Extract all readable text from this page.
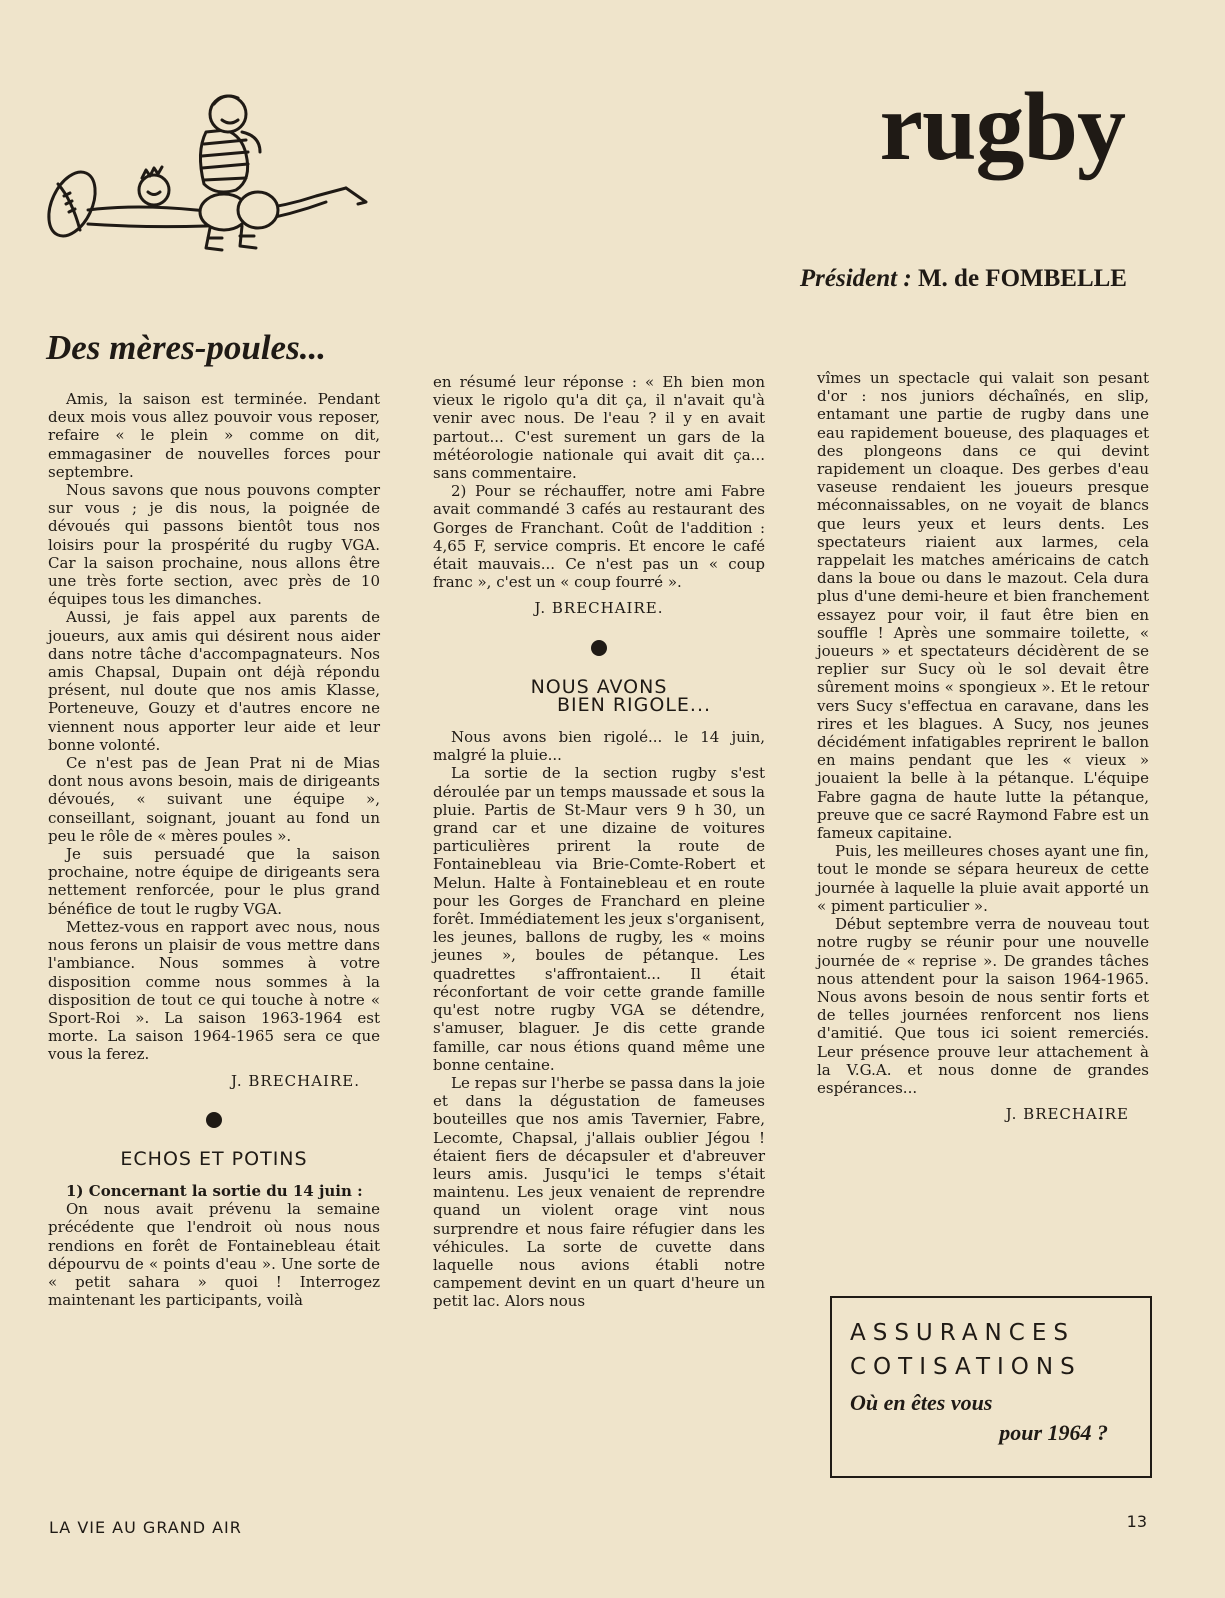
rugby
Président : M. de FOMBELLE
Des mères-poules...

Amis, la saison est terminée. Pendant deux mois vous allez pouvoir vous reposer, refaire « le plein » comme on dit, emmagasiner de nouvelles forces pour septembre.

Nous savons que nous pouvons compter sur vous ; je dis nous, la poignée de dévoués qui passons bientôt tous nos loisirs pour la prospérité du rugby VGA. Car la saison prochaine, nous allons être une très forte section, avec près de 10 équipes tous les dimanches.

Aussi, je fais appel aux parents de joueurs, aux amis qui désirent nous aider dans notre tâche d'accompagnateurs. Nos amis Chapsal, Dupain ont déjà répondu présent, nul doute que nos amis Klasse, Porteneuve, Gouzy et d'autres encore ne viennent nous apporter leur aide et leur bonne volonté.

Ce n'est pas de Jean Prat ni de Mias dont nous avons besoin, mais de dirigeants dévoués, « suivant une équipe », conseillant, soignant, jouant au fond un peu le rôle de « mères poules ».

Je suis persuadé que la saison prochaine, notre équipe de dirigeants sera nettement renforcée, pour le plus grand bénéfice de tout le rugby VGA.

Mettez-vous en rapport avec nous, nous nous ferons un plaisir de vous mettre dans l'ambiance. Nous sommes à votre disposition comme nous sommes à la disposition de tout ce qui touche à notre « Sport-Roi ». La saison 1963-1964 est morte. La saison 1964-1965 sera ce que vous la ferez.

J. BRECHAIRE.
ECHOS ET POTINS

1) Concernant la sortie du 14 juin :

On nous avait prévenu la semaine précédente que l'endroit où nous nous rendions en forêt de Fontainebleau était dépourvu de « points d'eau ». Une sorte de « petit sahara » quoi ! Interrogez maintenant les participants, voilà

en résumé leur réponse : « Eh bien mon vieux le rigolo qu'a dit ça, il n'avait qu'à venir avec nous. De l'eau ? il y en avait partout... C'est surement un gars de la météorologie nationale qui avait dit ça... sans commentaire.

2) Pour se réchauffer, notre ami Fabre avait commandé 3 cafés au restaurant des Gorges de Franchant. Coût de l'addition : 4,65 F, service compris. Et encore le café était mauvais... Ce n'est pas un « coup franc », c'est un « coup fourré ».

J. BRECHAIRE.
NOUS AVONS
BIEN RIGOLE...

Nous avons bien rigolé... le 14 juin, malgré la pluie...

La sortie de la section rugby s'est déroulée par un temps maussade et sous la pluie. Partis de St-Maur vers 9 h 30, un grand car et une dizaine de voitures particulières prirent la route de Fontainebleau via Brie-Comte-Robert et Melun. Halte à Fontainebleau et en route pour les Gorges de Franchard en pleine forêt. Immédiatement les jeux s'organisent, les jeunes, ballons de rugby, les « moins jeunes », boules de pétanque. Les quadrettes s'affrontaient... Il était réconfortant de voir cette grande famille qu'est notre rugby VGA se détendre, s'amuser, blaguer. Je dis cette grande famille, car nous étions quand même une bonne centaine.

Le repas sur l'herbe se passa dans la joie et dans la dégustation de fameuses bouteilles que nos amis Tavernier, Fabre, Lecomte, Chapsal, j'allais oublier Jégou ! étaient fiers de décapsuler et d'abreuver leurs amis. Jusqu'ici le temps s'était maintenu. Les jeux venaient de reprendre quand un violent orage vint nous surprendre et nous faire réfugier dans les véhicules. La sorte de cuvette dans laquelle nous avions établi notre campement devint en un quart d'heure un petit lac. Alors nous

vîmes un spectacle qui valait son pesant d'or : nos juniors déchaînés, en slip, entamant une partie de rugby dans une eau rapidement boueuse, des plaquages et des plongeons dans ce qui devint rapidement un cloaque. Des gerbes d'eau vaseuse rendaient les joueurs presque méconnaissables, on ne voyait de blancs que leurs yeux et leurs dents. Les spectateurs riaient aux larmes, cela rappelait les matches américains de catch dans la boue ou dans le mazout. Cela dura plus d'une demi-heure et bien franchement essayez pour voir, il faut être bien en souffle ! Après une sommaire toilette, « joueurs » et spectateurs décidèrent de se replier sur Sucy où le sol devait être sûrement moins « spongieux ». Et le retour vers Sucy s'effectua en caravane, dans les rires et les blagues. A Sucy, nos jeunes décidément infatigables reprirent le ballon en mains pendant que les « vieux » jouaient la belle à la pétanque. L'équipe Fabre gagna de haute lutte la pétanque, preuve que ce sacré Raymond Fabre est un fameux capitaine.

Puis, les meilleures choses ayant une fin, tout le monde se sépara heureux de cette journée à laquelle la pluie avait apporté un « piment particulier ».

Début septembre verra de nouveau tout notre rugby se réunir pour une nouvelle journée de « reprise ». De grandes tâches nous attendent pour la saison 1964-1965. Nous avons besoin de nous sentir forts et de telles journées renforcent nos liens d'amitié. Que tous ici soient remerciés. Leur présence prouve leur attachement à la V.G.A. et nous donne de grandes espérances...

J. BRECHAIRE
ASSURANCES
COTISATIONS
Où en êtes vous
pour 1964 ?
LA VIE AU GRAND AIR	13
